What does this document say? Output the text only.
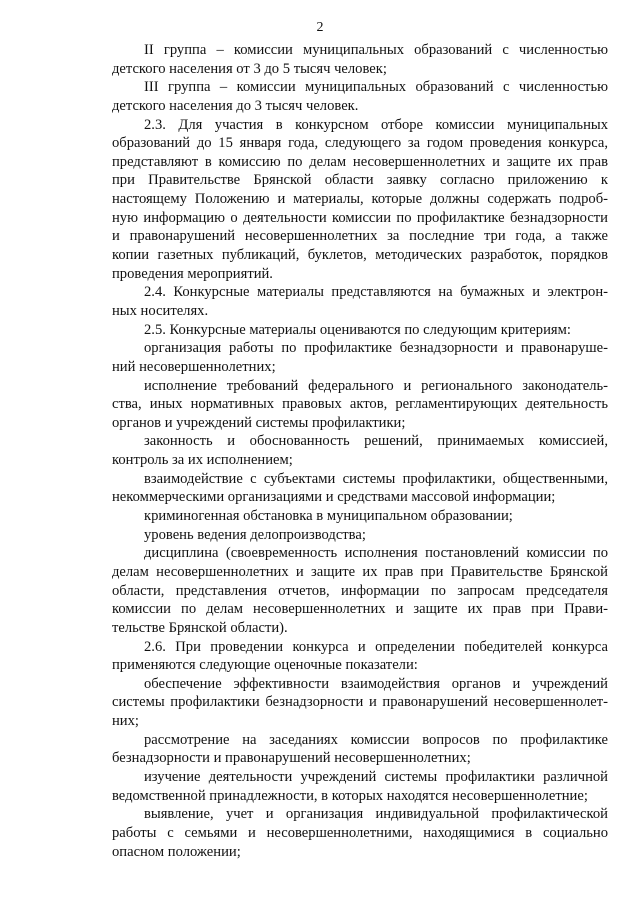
2
II группа – комиссии муниципальных образований с численностью
детского населения от 3 до 5 тысяч человек;
III группа – комиссии муниципальных образований с численностью
детского населения до 3 тысяч человек.
2.3. Для участия в конкурсном отборе комиссии муниципальных
образований до 15 января года, следующего за годом проведения конкурса,
представляют в комиссию по делам несовершеннолетних и защите их прав
при Правительстве Брянской области заявку согласно приложению к
настоящему Положению и материалы, которые должны содержать подроб-
ную информацию о деятельности комиссии по профилактике безнадзорности
и правонарушений несовершеннолетних за последние три года, а также
копии газетных публикаций, буклетов, методических разработок, порядков
проведения мероприятий.
2.4. Конкурсные материалы представляются на бумажных и электрон-
ных носителях.
2.5. Конкурсные материалы оцениваются по следующим критериям:
организация работы по профилактике безнадзорности и правонаруше-
ний несовершеннолетних;
исполнение требований федерального и регионального законодатель-
ства, иных нормативных правовых актов, регламентирующих деятельность
органов и учреждений системы профилактики;
законность и обоснованность решений, принимаемых комиссией,
контроль за их исполнением;
взаимодействие с субъектами системы профилактики, общественными,
некоммерческими организациями и средствами массовой информации;
криминогенная обстановка в муниципальном образовании;
уровень ведения делопроизводства;
дисциплина (своевременность исполнения постановлений комиссии по
делам несовершеннолетних и защите их прав при Правительстве Брянской
области, представления отчетов, информации по запросам председателя
комиссии по делам несовершеннолетних и защите их прав при Прави-
тельстве Брянской области).
2.6. При проведении конкурса и определении победителей конкурса
применяются следующие оценочные показатели:
обеспечение эффективности взаимодействия органов и учреждений
системы профилактики безнадзорности и правонарушений несовершеннолет-
них;
рассмотрение на заседаниях комиссии вопросов по профилактике
безнадзорности и правонарушений несовершеннолетних;
изучение деятельности учреждений системы профилактики различной
ведомственной принадлежности, в которых находятся несовершеннолетние;
выявление, учет и организация индивидуальной профилактической
работы с семьями и несовершеннолетними, находящимися в социально
опасном положении;
